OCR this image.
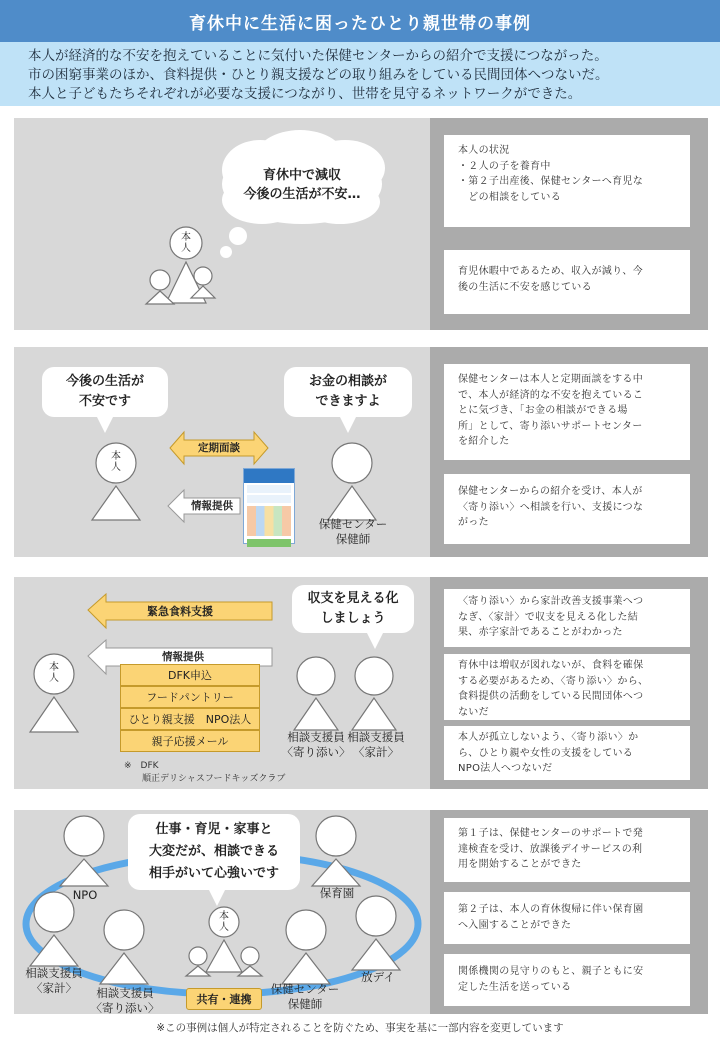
育休中に生活に困ったひとり親世帯の事例
本人が経済的な不安を抱えていることに気付いた保健センターからの紹介で支援につながった。
市の困窮事業のほか、食料提供・ひとり親支援などの取り組みをしている民間団体へつないだ。
本人と子どもたちそれぞれが必要な支援につながり、世帯を見守るネットワークができた。
育休中で減収
今後の生活が不安…
本
人
本人の状況
・２人の子を養育中
・第２子出産後、保健センターへ育児な
　どの相談をしている
育児休暇中であるため、収入が減り、今
後の生活に不安を感じている
今後の生活が
不安です
お金の相談が
できますよ
本
人
定期面談
情報提供
保健センター
保健師
保健センターは本人と定期面談をする中
で、本人が経済的な不安を抱えているこ
とに気づき、「お金の相談ができる場
所」として、寄り添いサポートセンター
を紹介した
保健センターからの紹介を受け、本人が
〈寄り添い〉へ相談を行い、支援につな
がった
緊急食料支援
情報提供
本
人	DFK申込
フードパントリー
ひとり親支援　NPO法人
親子応援メール
※　DFK
　　順正デリシャスフードキッズクラブ
収支を見える化
しましょう
相談支援員
〈寄り添い〉
相談支援員
〈家計〉
〈寄り添い〉から家計改善支援事業へつ
なぎ、〈家計〉で収支を見える化した結
果、赤字家計であることがわかった
育休中は増収が図れないが、食料を確保
する必要があるため、〈寄り添い〉から、
食料提供の活動をしている民間団体へつ
ないだ
本人が孤立しないよう、〈寄り添い〉か
ら、ひとり親や女性の支援をしている
NPO法人へつないだ
仕事・育児・家事と
大変だが、相談できる
相手がいて心強いです
本
人
NPO	保育園
放デイ
相談支援員
〈家計〉	相談支援員
〈寄り添い〉
保健センター
保健師
共有・連携
第１子は、保健センターのサポートで発
達検査を受け、放課後デイサービスの利
用を開始することができた
第２子は、本人の育休復帰に伴い保育園
へ入園することができた
関係機関の見守りのもと、親子ともに安
定した生活を送っている
※この事例は個人が特定されることを防ぐため、事実を基に一部内容を変更しています
